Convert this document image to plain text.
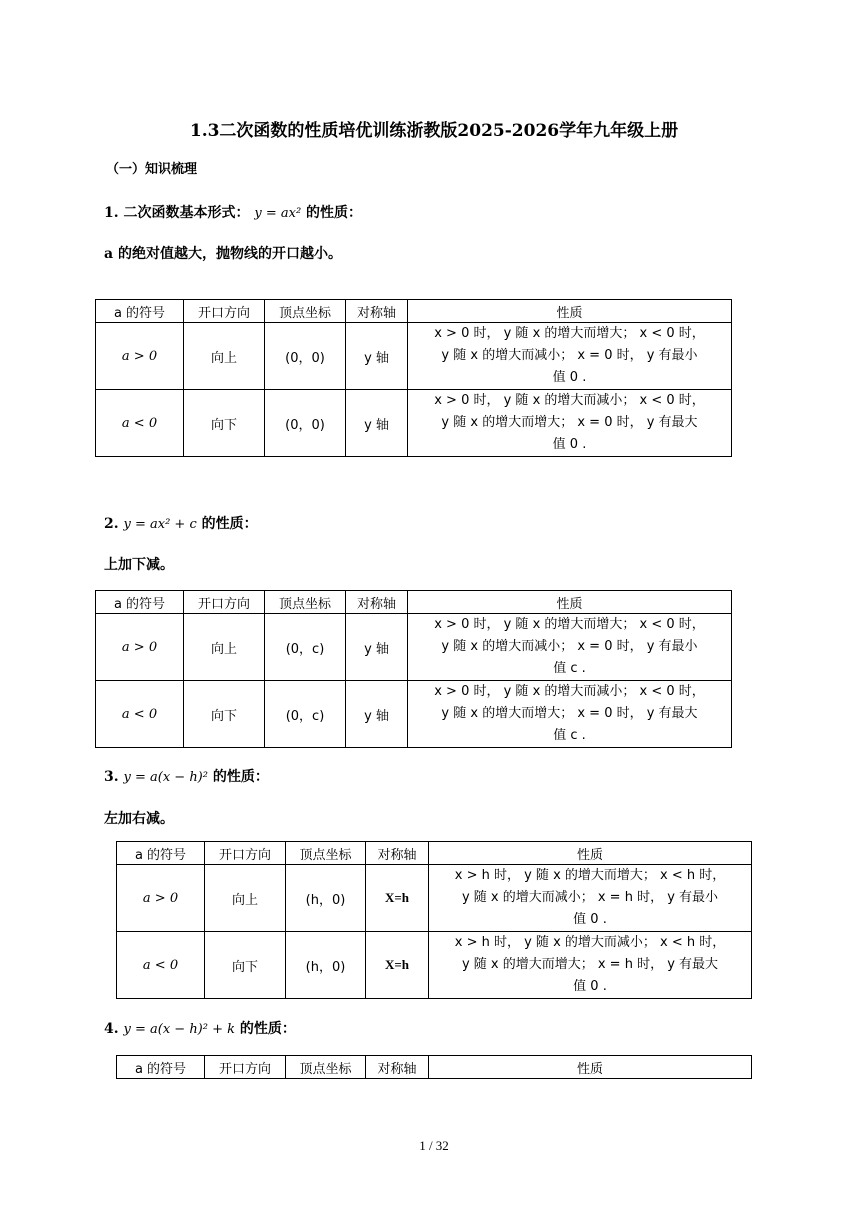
1.3二次函数的性质培优训练浙教版2025-2026学年九年级上册
（一）知识梳理
1. 二次函数基本形式： y = ax² 的性质：
a 的绝对值越大，抛物线的开口越小。
a 的符号	开口方向	顶点坐标	对称轴	性质
a > 0	向上	(0，0)	y 轴	x > 0 时， y 随 x 的增大而增大； x < 0 时，
y 随 x 的增大而减小； x = 0 时， y 有最小
值 0 .

a < 0	向下	(0，0)	y 轴	x > 0 时， y 随 x 的增大而减小； x < 0 时，
y 随 x 的增大而增大； x = 0 时， y 有最大
值 0 .
2. y = ax² + c 的性质：
上加下减。
a 的符号	开口方向	顶点坐标	对称轴	性质
a > 0	向上	(0，c)	y 轴	x > 0 时， y 随 x 的增大而增大； x < 0 时，
y 随 x 的增大而减小； x = 0 时， y 有最小
值 c .

a < 0	向下	(0，c)	y 轴	x > 0 时， y 随 x 的增大而减小； x < 0 时，
y 随 x 的增大而增大； x = 0 时， y 有最大
值 c .
3. y = a(x − h)² 的性质：
左加右减。
a 的符号	开口方向	顶点坐标	对称轴	性质
a > 0	向上	(h，0)	X=h	x > h 时， y 随 x 的增大而增大； x < h 时，
y 随 x 的增大而减小； x = h 时， y 有最小
值 0 .

a < 0	向下	(h，0)	X=h	x > h 时， y 随 x 的增大而减小； x < h 时，
y 随 x 的增大而增大； x = h 时， y 有最大
值 0 .
4. y = a(x − h)² + k 的性质：
a 的符号	开口方向	顶点坐标	对称轴	性质
1 / 32
